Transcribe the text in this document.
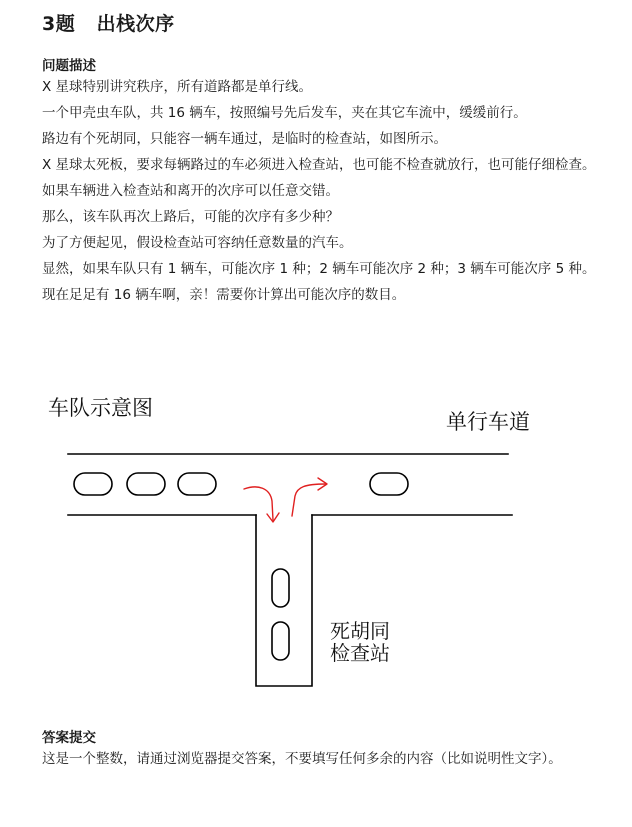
3题   出栈次序
问题描述

X 星球特别讲究秩序，所有道路都是单行线。

一个甲壳虫车队，共 16 辆车，按照编号先后发车，夹在其它车流中，缓缓前行。

路边有个死胡同，只能容一辆车通过，是临时的检查站，如图所示。

X 星球太死板，要求每辆路过的车必须进入检查站，也可能不检查就放行，也可能仔细检查。

如果车辆进入检查站和离开的次序可以任意交错。

那么，该车队再次上路后，可能的次序有多少种？

为了方便起见，假设检查站可容纳任意数量的汽车。

显然，如果车队只有 1 辆车，可能次序 1 种；2 辆车可能次序 2 种；3 辆车可能次序 5 种。

现在足足有 16 辆车啊，亲！需要你计算出可能次序的数目。

车队示意图
单行车道
死胡同
检查站
答案提交

这是一个整数，请通过浏览器提交答案，不要填写任何多余的内容（比如说明性文字）。
